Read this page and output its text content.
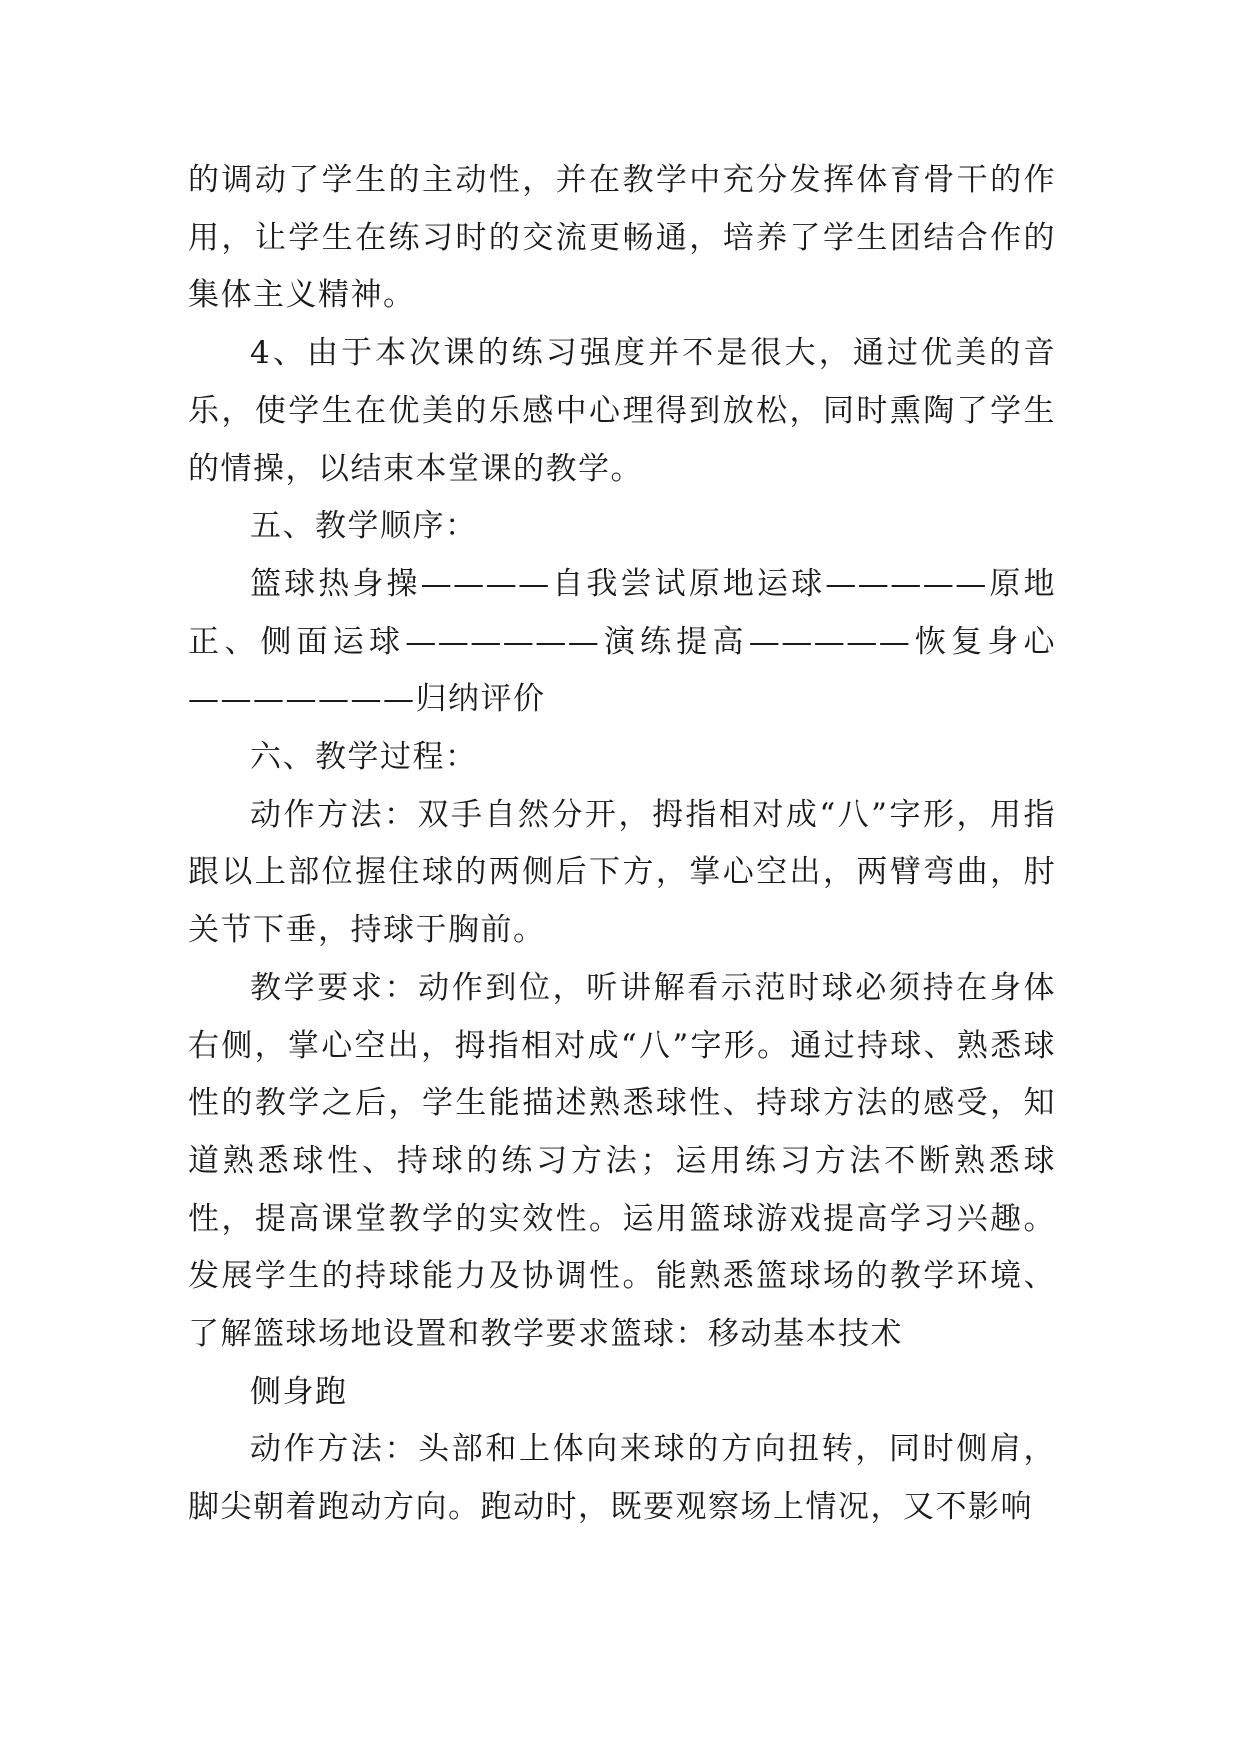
的调动了学生的主动性，并在教学中充分发挥体育骨干的作用，让学生在练习时的交流更畅通，培养了学生团结合作的集体主义精神。

4、由于本次课的练习强度并不是很大，通过优美的音乐，使学生在优美的乐感中心理得到放松，同时熏陶了学生的情操，以结束本堂课的教学。

五、教学顺序：

篮球热身操————自我尝试原地运球—————原地正、侧面运球——————演练提高—————恢复身心———————归纳评价

六、教学过程：

动作方法：双手自然分开，拇指相对成“八”字形，用指跟以上部位握住球的两侧后下方，掌心空出，两臂弯曲，肘关节下垂，持球于胸前。

教学要求：动作到位，听讲解看示范时球必须持在身体右侧，掌心空出，拇指相对成“八”字形。通过持球、熟悉球性的教学之后，学生能描述熟悉球性、持球方法的感受，知道熟悉球性、持球的练习方法；运用练习方法不断熟悉球性，提高课堂教学的实效性。运用篮球游戏提高学习兴趣。发展学生的持球能力及协调性。能熟悉篮球场的教学环境、了解篮球场地设置和教学要求篮球：移动基本技术

侧身跑

动作方法：头部和上体向来球的方向扭转，同时侧肩，脚尖朝着跑动方向。跑动时，既要观察场上情况，又不影响
